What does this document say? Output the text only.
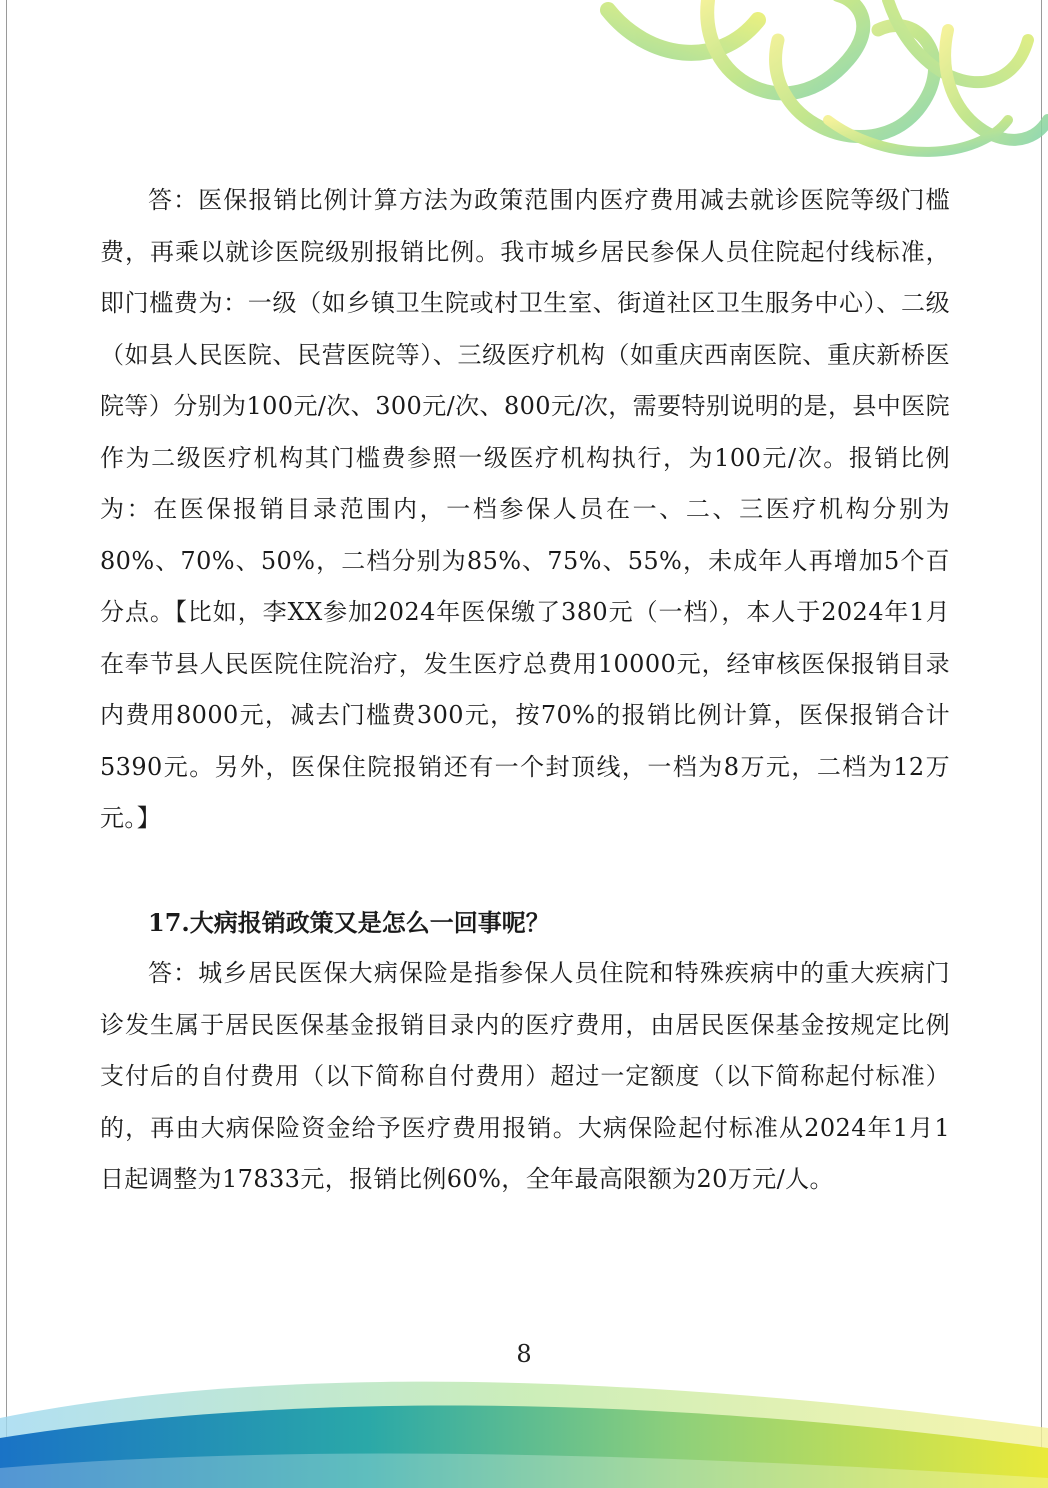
答：医保报销比例计算方法为政策范围内医疗费用减去就诊医院等级门槛费，再乘以就诊医院级别报销比例。我市城乡居民参保人员住院起付线标准，即门槛费为：一级（如乡镇卫生院或村卫生室、街道社区卫生服务中心）、二级（如县人民医院、民营医院等）、三级医疗机构（如重庆西南医院、重庆新桥医院等）分别为100元/次、300元/次、800元/次，需要特别说明的是，县中医院作为二级医疗机构其门槛费参照一级医疗机构执行，为100元/次。报销比例为：在医保报销目录范围内，一档参保人员在一、二、三医疗机构分别为80%、70%、50%，二档分别为85%、75%、55%，未成年人再增加5个百分点。【比如，李XX参加2024年医保缴了380元（一档），本人于2024年1月在奉节县人民医院住院治疗，发生医疗总费用10000元，经审核医保报销目录内费用8000元，减去门槛费300元，按70%的报销比例计算，医保报销合计5390元。另外，医保住院报销还有一个封顶线，一档为8万元，二档为12万元。】

17.大病报销政策又是怎么一回事呢？

答：城乡居民医保大病保险是指参保人员住院和特殊疾病中的重大疾病门诊发生属于居民医保基金报销目录内的医疗费用，由居民医保基金按规定比例支付后的自付费用（以下简称自付费用）超过一定额度（以下简称起付标准）的，再由大病保险资金给予医疗费用报销。大病保险起付标准从2024年1月1日起调整为17833元，报销比例60%，全年最高限额为20万元/人。

8
